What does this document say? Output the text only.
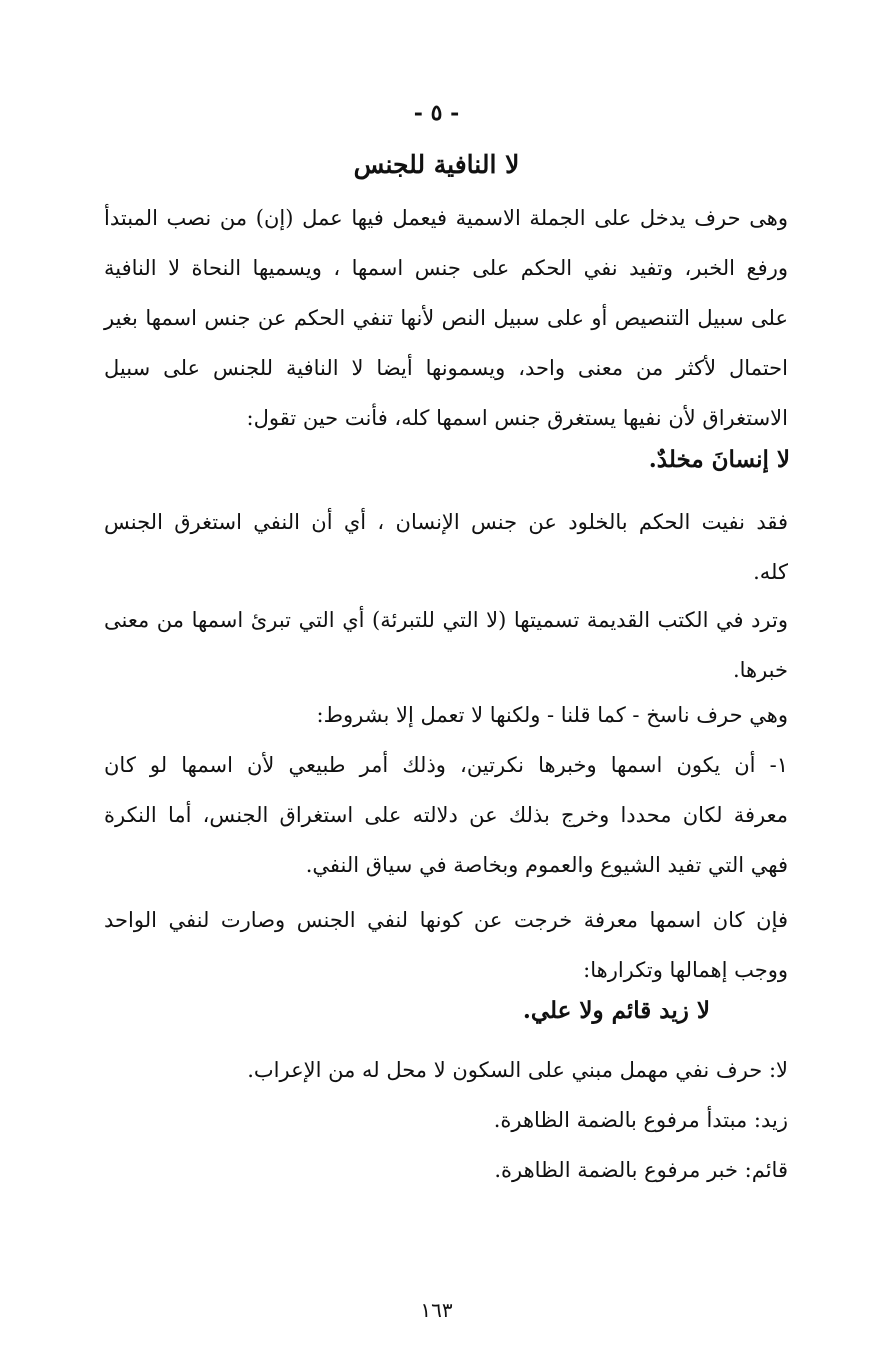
- ٥ -
لا النافية للجنس
وهى حرف يدخل على الجملة الاسمية فيعمل فيها عمل (إن) من نصب المبتدأ
ورفع الخبر، وتفيد نفي الحكم على جنس اسمها ، ويسميها النحاة لا النافية
على سبيل التنصيص أو على سبيل النص لأنها تنفي الحكم عن جنس اسمها بغير
احتمال لأكثر من معنى واحد، ويسمونها أيضا لا النافية للجنس على سبيل
الاستغراق لأن نفيها يستغرق جنس اسمها كله، فأنت حين تقول:
لا إنسانَ مخلدٌ.
فقد نفيت الحكم بالخلود عن جنس الإنسان ، أي أن النفي استغرق الجنس
كله.
وترد في الكتب القديمة تسميتها (لا التي للتبرئة) أي التي تبرئ اسمها من معنى
خبرها.
وهي حرف ناسخ - كما قلنا - ولكنها لا تعمل إلا بشروط:
١- أن يكون اسمها وخبرها نكرتين، وذلك أمر طبيعي لأن اسمها لو كان
معرفة لكان محددا وخرج بذلك عن دلالته على استغراق الجنس، أما النكرة
فهي التي تفيد الشيوع والعموم وبخاصة في سياق النفي.
فإن كان اسمها معرفة خرجت عن كونها لنفي الجنس وصارت لنفي الواحد
ووجب إهمالها وتكرارها:
لا زيد قائم ولا علي.
لا: حرف نفي مهمل مبني على السكون لا محل له من الإعراب.
زيد: مبتدأ مرفوع بالضمة الظاهرة.
قائم: خبر مرفوع بالضمة الظاهرة.
١٦٣
